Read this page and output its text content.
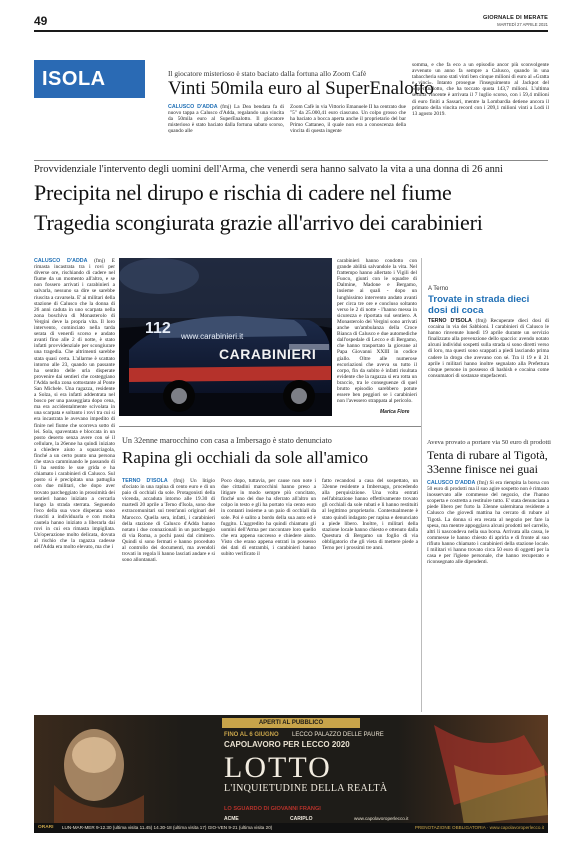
49	GIORNALE DI MERATE
MARTEDÌ 27 APRILE 2021
ISOLA	Il giocatore misterioso è stato baciato dalla fortuna allo Zoom Cafè
Vinti 50mila euro al SuperEnalotto
CALUSCO D'ADDA (fmj) La Dea bendata fa di nuovo tappa a Calusco d'Adda, regalando una vincita da 50mila euro al SuperEnalotto. Il giocatore misterioso è stato baciato dalla fortuna sabato scorso, quando alle
Zoom Cafè in via Vittorio Emanuele II ha centrato due "5" da 25.000,41 euro ciascuno. Un colpo grosso che ha baciato a bocca aperta anche il proprietario del bar Primo Cattaneo, il quale non era a conoscenza della vincita di questa ingente
somma, e che fa eco a un episodio ancor più sconvolgente avvenuto un anno fa sempre a Calusco, quando in una tabaccheria sono stati vinti ben cinque milioni di euro al «Gratta e vinci». Intanto prosegue l'inseguimento al Jackpot del SuperEnalotto, che ha toccato quota 143,7 milioni. L'ultima sestina vincente è arrivata il 7 luglio scorso, con i 59,4 milioni di euro finiti a Sassari, mentre la Lombardia detiene ancora il primato della vincita record con i 209,1 milioni vinti a Lodi il 13 agosto 2019.
Provvidenziale l'intervento degli uomini dell'Arma, che venerdì sera hanno salvato la vita a una donna di 26 anni
Precipita nel dirupo e rischia di cadere nel fiume
Tragedia scongiurata grazie all'arrivo dei carabinieri
CALUSCO D'ADDA (fmj) È rimasta incastrata tra i rovi per diverse ore, rischiando di cadere nel fiume da un momento all'altro, e se non fossero arrivati i carabinieri a salvarla, nessuno sa dire se sarebbe riuscita a cavarsela. E' ai militari della stazione di Calusco che la donna di 26 anni caduta in uno scarpata nella zona boschiva di Monasterolo di Vergini deve la propria vita. Il loro intervento, cominciato nella tarda serata di venerdì scorso e andato avanti fino alle 2 di notte, è stato infatti provvidenziale per scongiurare una tragedia. Che altrimenti sarebbe stata quasi certa. L'allarme è scattato intorno alle 23, quando un passante ha sentito delle urla disperate provenire dai sentieri che costeggiano l'Adda nella zona sottostante al Ponte San Michele. Una ragazza, residente a Solza, si era infatti addentrata nel bosco per una passeggiata dopo cena, ma era accidentalmente scivolata in una scarpata e soltanto i rovi tra cui si era incastrata le avevano impedito di finire nel fiume che scorreva sotto di lei. Sola, spaventata e bloccata in un posto deserto senza avere con sé il cellulare, la 26enne ha quindi iniziato a chiedere aiuto a squarciagola, finché a un certo punto una persona che stava camminando le passando di lì ha sentito le sue grida e ha chiamato i carabinieri di Calusco. Sul posto si è precipitata una pattuglia con due militari, che dopo aver trovato parcheggiato in prossimità dei sentieri hanno iniziato a cercarla lungo la strada sterrata. Seguendo l'eco della sua voce disperata sono riusciti a individuarla e con molta cautela hanno iniziato a liberarla dai rovi in cui era rimasta impigliata. Un'operazione molto delicata, dovuta al rischio che la ragazza cadesse nell'Adda era molto elevato, ma che i
112 www.carabinieri.it
CARABINIERI
carabinieri hanno condotto con grande abilità salvandole la vita. Nel frattempo hanno allertato i Vigili del Fuoco, giunti con le squadre di Dalmine, Madone e Bergamo, insieme ai quali - dopo un lunghissimo intervento andato avanti per circa tre ore e concluso soltanto verso le 2 di notte - l'hanno messa in sicurezza e riportata sul sentiero. A Monasterolo dei Vergini sono arrivati anche un'ambulanza della Croce Bianca di Calusco e due automediche dall'ospedale di Lecco e di Bergamo, che hanno trasportato la giovane al Papa Giovanni XXIII in codice giallo. Oltre alle numerose escoriazioni che aveva su tutto il corpo, fin da subito è infatti risultata evidente che la ragazza si era rotta un braccio, tra le conseguenze di quel brutto episodio sarebbero potute essere ben peggiori se i carabinieri non l'avessero strappata al pericolo.
Marica Fiore
A Terno
Trovate in strada dieci dosi di coca
TERNO D'ISOLA (fmj) Recuperate dieci dosi di cocaina in via dei Sabbioni. I carabinieri di Calusco le hanno rinvenute lunedì 19 aprile durante un servizio finalizzato alla prevenzione dello spaccio: avendo notato alcuni individui sospetti sulla strada si sono diretti verso di loro, ma questi sono scappati a piedi lasciando prima cadere la droga che avevano con sé. Tra il 19 e il 21 aprile i militari hanno inoltre segnalato alla Prefettura cinque persone in possesso di hashish e cocaina come consumatori di sostanze stupefacenti.
Un 32enne marocchino con casa a Imbersago è stato denunciato
Rapina gli occhiali da sole all'amico
TERNO D'ISOLA (fmj) Un litigio sfociato in una rapina di cento euro e di un paio di occhiali da sole. Protagonisti della vicenda, accaduta intorno alle 19.30 di martedì 20 aprile a Terno d'Isola, sono due extracomunitari sui trent'anni originari del Marocco. Quella sera, infatti, i carabinieri della stazione di Calusco d'Adda hanno notato i due connazionali in un parcheggio di via Roma, a pochi passi dal cimitero. Quindi si sono fermati e hanno proceduto al controllo dei documenti, ma avendoli trovati in regola li hanno lasciati andare e si sono allontanati.
Poco dopo, tuttavia, per cause non note i due cittadini marocchini hanno preso a litigare in modo sempre più concitato, finché uno dei due ha sferrato all'altro un colpo in testo e gli ha portato via cento euro in contanti insieme a un paio di occhiali da sole. Poi è salito a bordo della sua auto ed è fuggito. L'aggredito ha quindi chiamato gli uomini dell'Arma per raccontare loro quello che era appena successo e chiedere aiuto. Visto che erano appena entrati in possesso dei dati di entrambi, i carabinieri hanno subito verificato il
fatto recandosi a casa del sospettato, un 32enne residente a Imbersago, procedendo alla perquisizione. Una volta entrati nell'abitazione hanno effettivamente trovato gli occhiali da sole rubati e li hanno restituiti al legittimo proprietario. Contestualmente è stato quindi indagato per rapina e denunciato a piede libero. Inoltre, i militari della stazione locale hanno chiesto e ottenuto dalla Questura di Bergamo un foglio di via obbligatorio che gli vieta di mettere piede a Terno per i prossimi tre anni.
Aveva provato a portare via 50 euro di prodotti
Tenta di rubare al Tigotà, 33enne finisce nei guai
CALUSCO D'ADDA (fmj) Si era riempita la borsa con 50 euro di prodotti ma il suo agire sospetto non è rimasto inosservato alle commesse del negozio, che l'hanno scoperta e costretta a restituire tutto. E' stata denunciata a piede libero per furto la 33enne salernitana residente a Calusco che giovedì mattina ha cercato di rubare al Tigotà. La donna si era recata al negozio per fare la spesa, ma mentre appoggiava alcuni prodotti nel carrello, altri li nascondeva nella sua borsa. Arrivata alla cassa, le commesse le hanno chiesto di aprirla e di fronte al suo rifiuto hanno chiamato i carabinieri della stazione locale. I militari vi hanno trovato circa 50 euro di oggetti per la casa e per l'igiene personale, che hanno recuperato e riconsegnato alle dipendenti.
APERTI AL PUBBLICO
FINO AL 6 GIUGNO LECCO PALAZZO DELLE PAURE
CAPOLAVORO PER LECCO 2020
LOTTO
L'INQUIETUDINE DELLA REALTÀ
LO SGUARDO DI GIOVANNI FRANGI
ACME	CARIPLO	www.capolavoroperlecco.it
ORARI LUN-MAR-MER 9-12.30 (ultima visita 11.45) 14.30-18 (ultima visita 17) GIO-VEN 9-21 (ultima visita 20)	PRENOTAZIONE OBBLIGATORIA · www.capolavoroperlecco.it
